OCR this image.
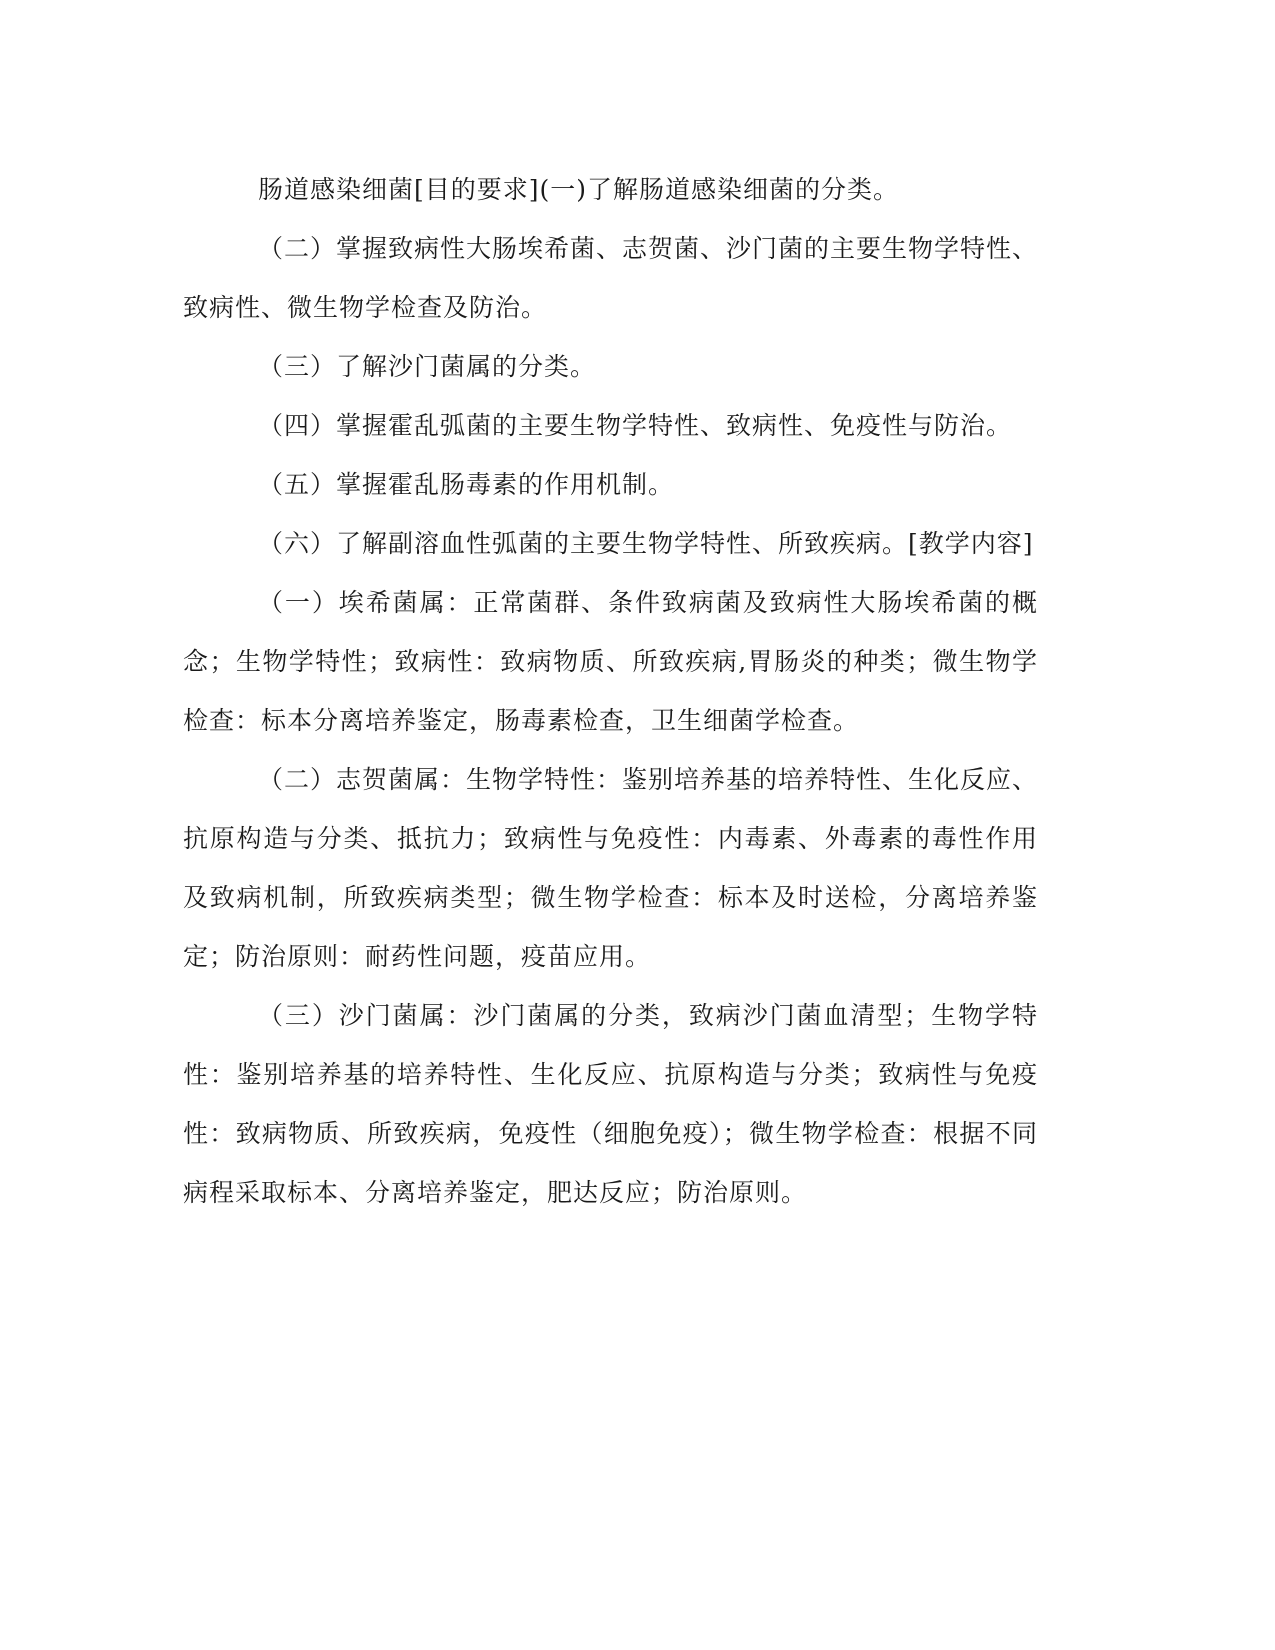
肠道感染细菌[目的要求](一)了解肠道感染细菌的分类。

（二）掌握致病性大肠埃希菌、志贺菌、沙门菌的主要生物学特性、致病性、微生物学检查及防治。

（三）了解沙门菌属的分类。

（四）掌握霍乱弧菌的主要生物学特性、致病性、免疫性与防治。

（五）掌握霍乱肠毒素的作用机制。

（六）了解副溶血性弧菌的主要生物学特性、所致疾病。[教学内容]

（一）埃希菌属：正常菌群、条件致病菌及致病性大肠埃希菌的概念；生物学特性；致病性：致病物质、所致疾病,胃肠炎的种类；微生物学检查：标本分离培养鉴定，肠毒素检查，卫生细菌学检查。

（二）志贺菌属：生物学特性：鉴别培养基的培养特性、生化反应、抗原构造与分类、抵抗力；致病性与免疫性：内毒素、外毒素的毒性作用及致病机制，所致疾病类型；微生物学检查：标本及时送检，分离培养鉴定；防治原则：耐药性问题，疫苗应用。

（三）沙门菌属：沙门菌属的分类，致病沙门菌血清型；生物学特性：鉴别培养基的培养特性、生化反应、抗原构造与分类；致病性与免疫性：致病物质、所致疾病，免疫性（细胞免疫）；微生物学检查：根据不同病程采取标本、分离培养鉴定，肥达反应；防治原则。
